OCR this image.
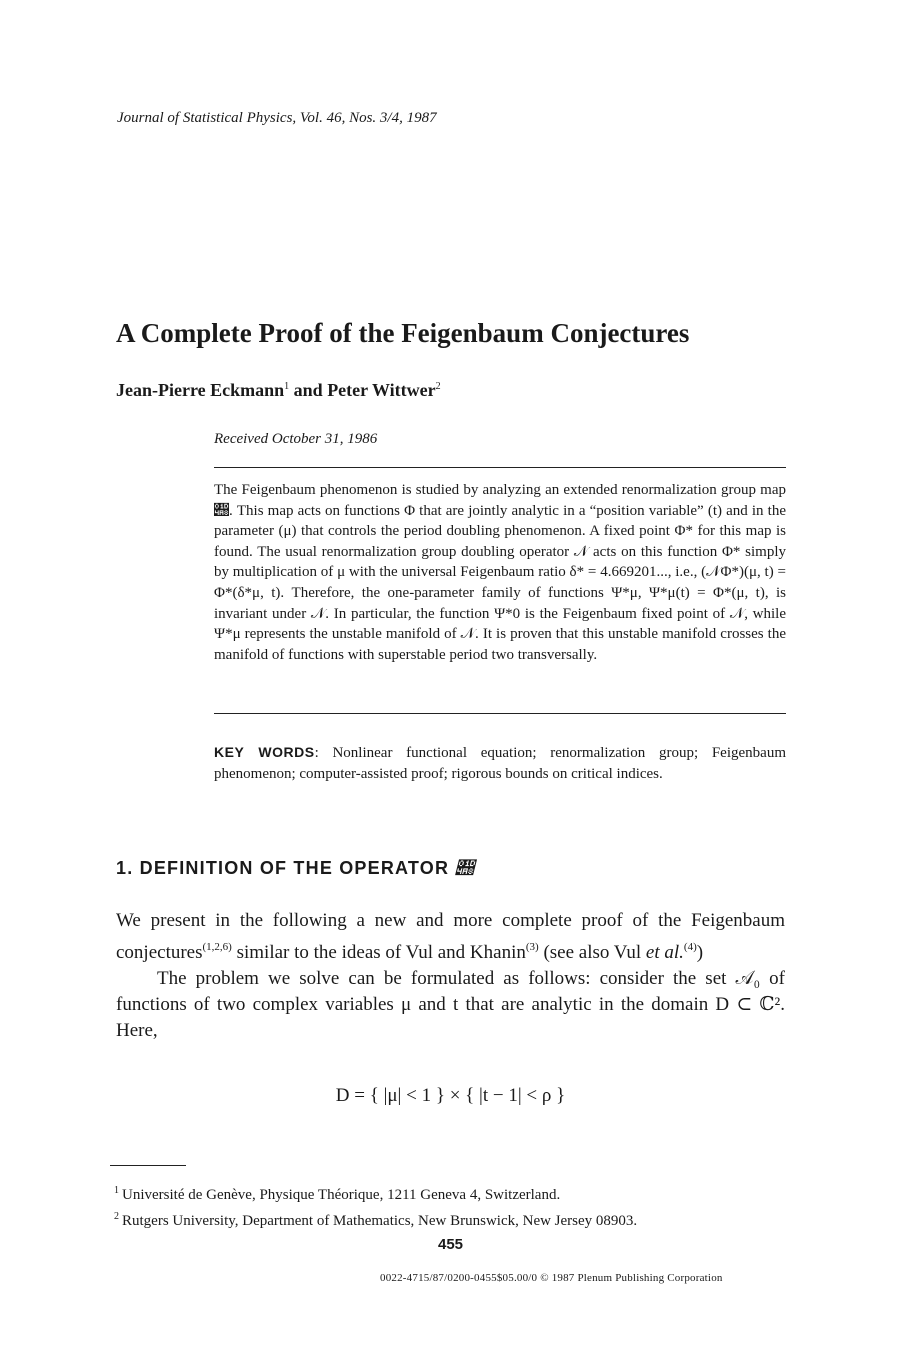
Journal of Statistical Physics, Vol. 46, Nos. 3/4, 1987
A Complete Proof of the Feigenbaum Conjectures
Jean-Pierre Eckmann$^1$ and Peter Wittwer$^2$
Received October 31, 1986
The Feigenbaum phenomenon is studied by analyzing an extended renormalization group map 𝒨. This map acts on functions Φ that are jointly analytic in a “position variable” (t) and in the parameter (μ) that controls the period doubling phenomenon. A fixed point Φ* for this map is found. The usual renormalization group doubling operator 𝒩 acts on this function Φ* simply by multiplication of μ with the universal Feigenbaum ratio δ* = 4.669201..., i.e., (𝒩Φ*)(μ, t) = Φ*(δ*μ, t). Therefore, the one-parameter family of functions Ψ*μ, Ψ*μ(t) = Φ*(μ, t), is invariant under 𝒩. In particular, the function Ψ*0 is the Feigenbaum fixed point of 𝒩, while Ψ*μ represents the unstable manifold of 𝒩. It is proven that this unstable manifold crosses the manifold of functions with superstable period two transversally.
KEY WORDS: Nonlinear functional equation; renormalization group; Feigenbaum phenomenon; computer-assisted proof; rigorous bounds on critical indices.
1. DEFINITION OF THE OPERATOR 𝒨

We present in the following a new and more complete proof of the Feigenbaum conjectures$^{(1,2,6)}$ similar to the ideas of Vul and Khanin$^{(3)}$ (see also Vul et al.$^{(4)}$)

The problem we solve can be formulated as follows: consider the set 𝒜₀ of functions of two complex variables μ and t that are analytic in the domain D ⊂ ℂ². Here,

D = { |μ| < 1 } × { |t − 1| < ρ }
$^1$ Université de Genève, Physique Théorique, 1211 Geneva 4, Switzerland.
$^2$ Rutgers University, Department of Mathematics, New Brunswick, New Jersey 08903.
455
0022-4715/87/0200-0455$05.00/0 © 1987 Plenum Publishing Corporation
